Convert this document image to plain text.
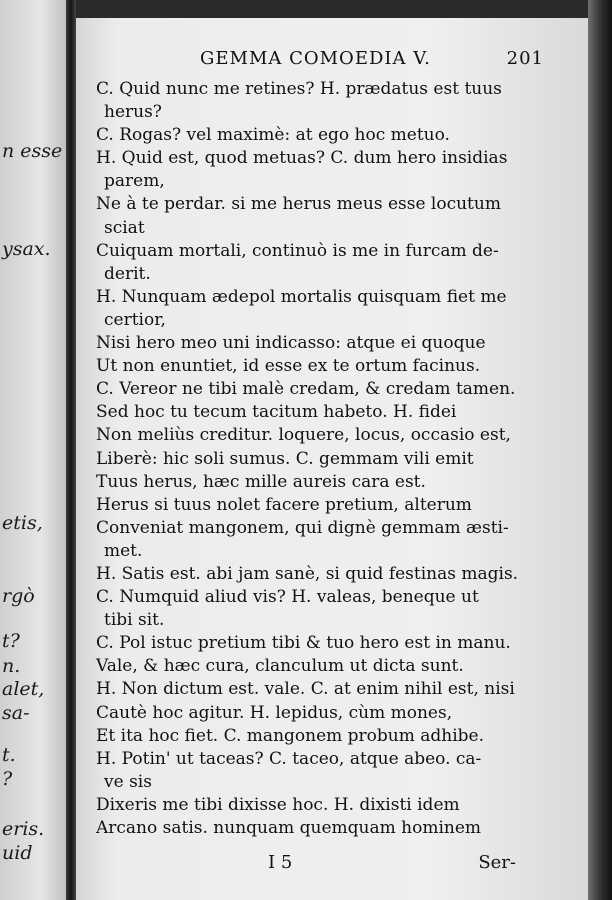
n esse
ysax.
etis,
rgò
t?
n.
alet,
sa-
t.
?
eris.
uid
GEMMA COMOEDIA V.	201
C. Quid nunc me retines? H. prædatus est tuus
herus?
C. Rogas? vel maximè: at ego hoc metuo.
H. Quid est, quod metuas? C. dum hero insidias
parem,
Ne à te perdar. si me herus meus esse locutum
sciat
Cuiquam mortali, continuò is me in furcam de-
derit.
H. Nunquam ædepol mortalis quisquam fiet me
certior,
Nisi hero meo uni indicasso: atque ei quoque
Ut non enuntiet, id esse ex te ortum facinus.
C. Vereor ne tibi malè credam, & credam tamen.
Sed hoc tu tecum tacitum habeto. H. fidei
Non meliùs creditur. loquere, locus, occasio est,
Liberè: hic soli sumus. C. gemmam vili emit
Tuus herus, hæc mille aureis cara est.
Herus si tuus nolet facere pretium, alterum
Conveniat mangonem, qui dignè gemmam æsti-
met.
H. Satis est. abi jam sanè, si quid festinas magis.
C. Numquid aliud vis? H. valeas, beneque ut
tibi sit.
C. Pol istuc pretium tibi & tuo hero est in manu.
Vale, & hæc cura, clanculum ut dicta sunt.
H. Non dictum est. vale. C. at enim nihil est, nisi
Cautè hoc agitur. H. lepidus, cùm mones,
Et ita hoc fiet. C. mangonem probum adhibe.
H. Potin' ut taceas? C. taceo, atque abeo. ca-
ve sis
Dixeris me tibi dixisse hoc. H. dixisti idem
Arcano satis. nunquam quemquam hominem
I 5	Ser-
